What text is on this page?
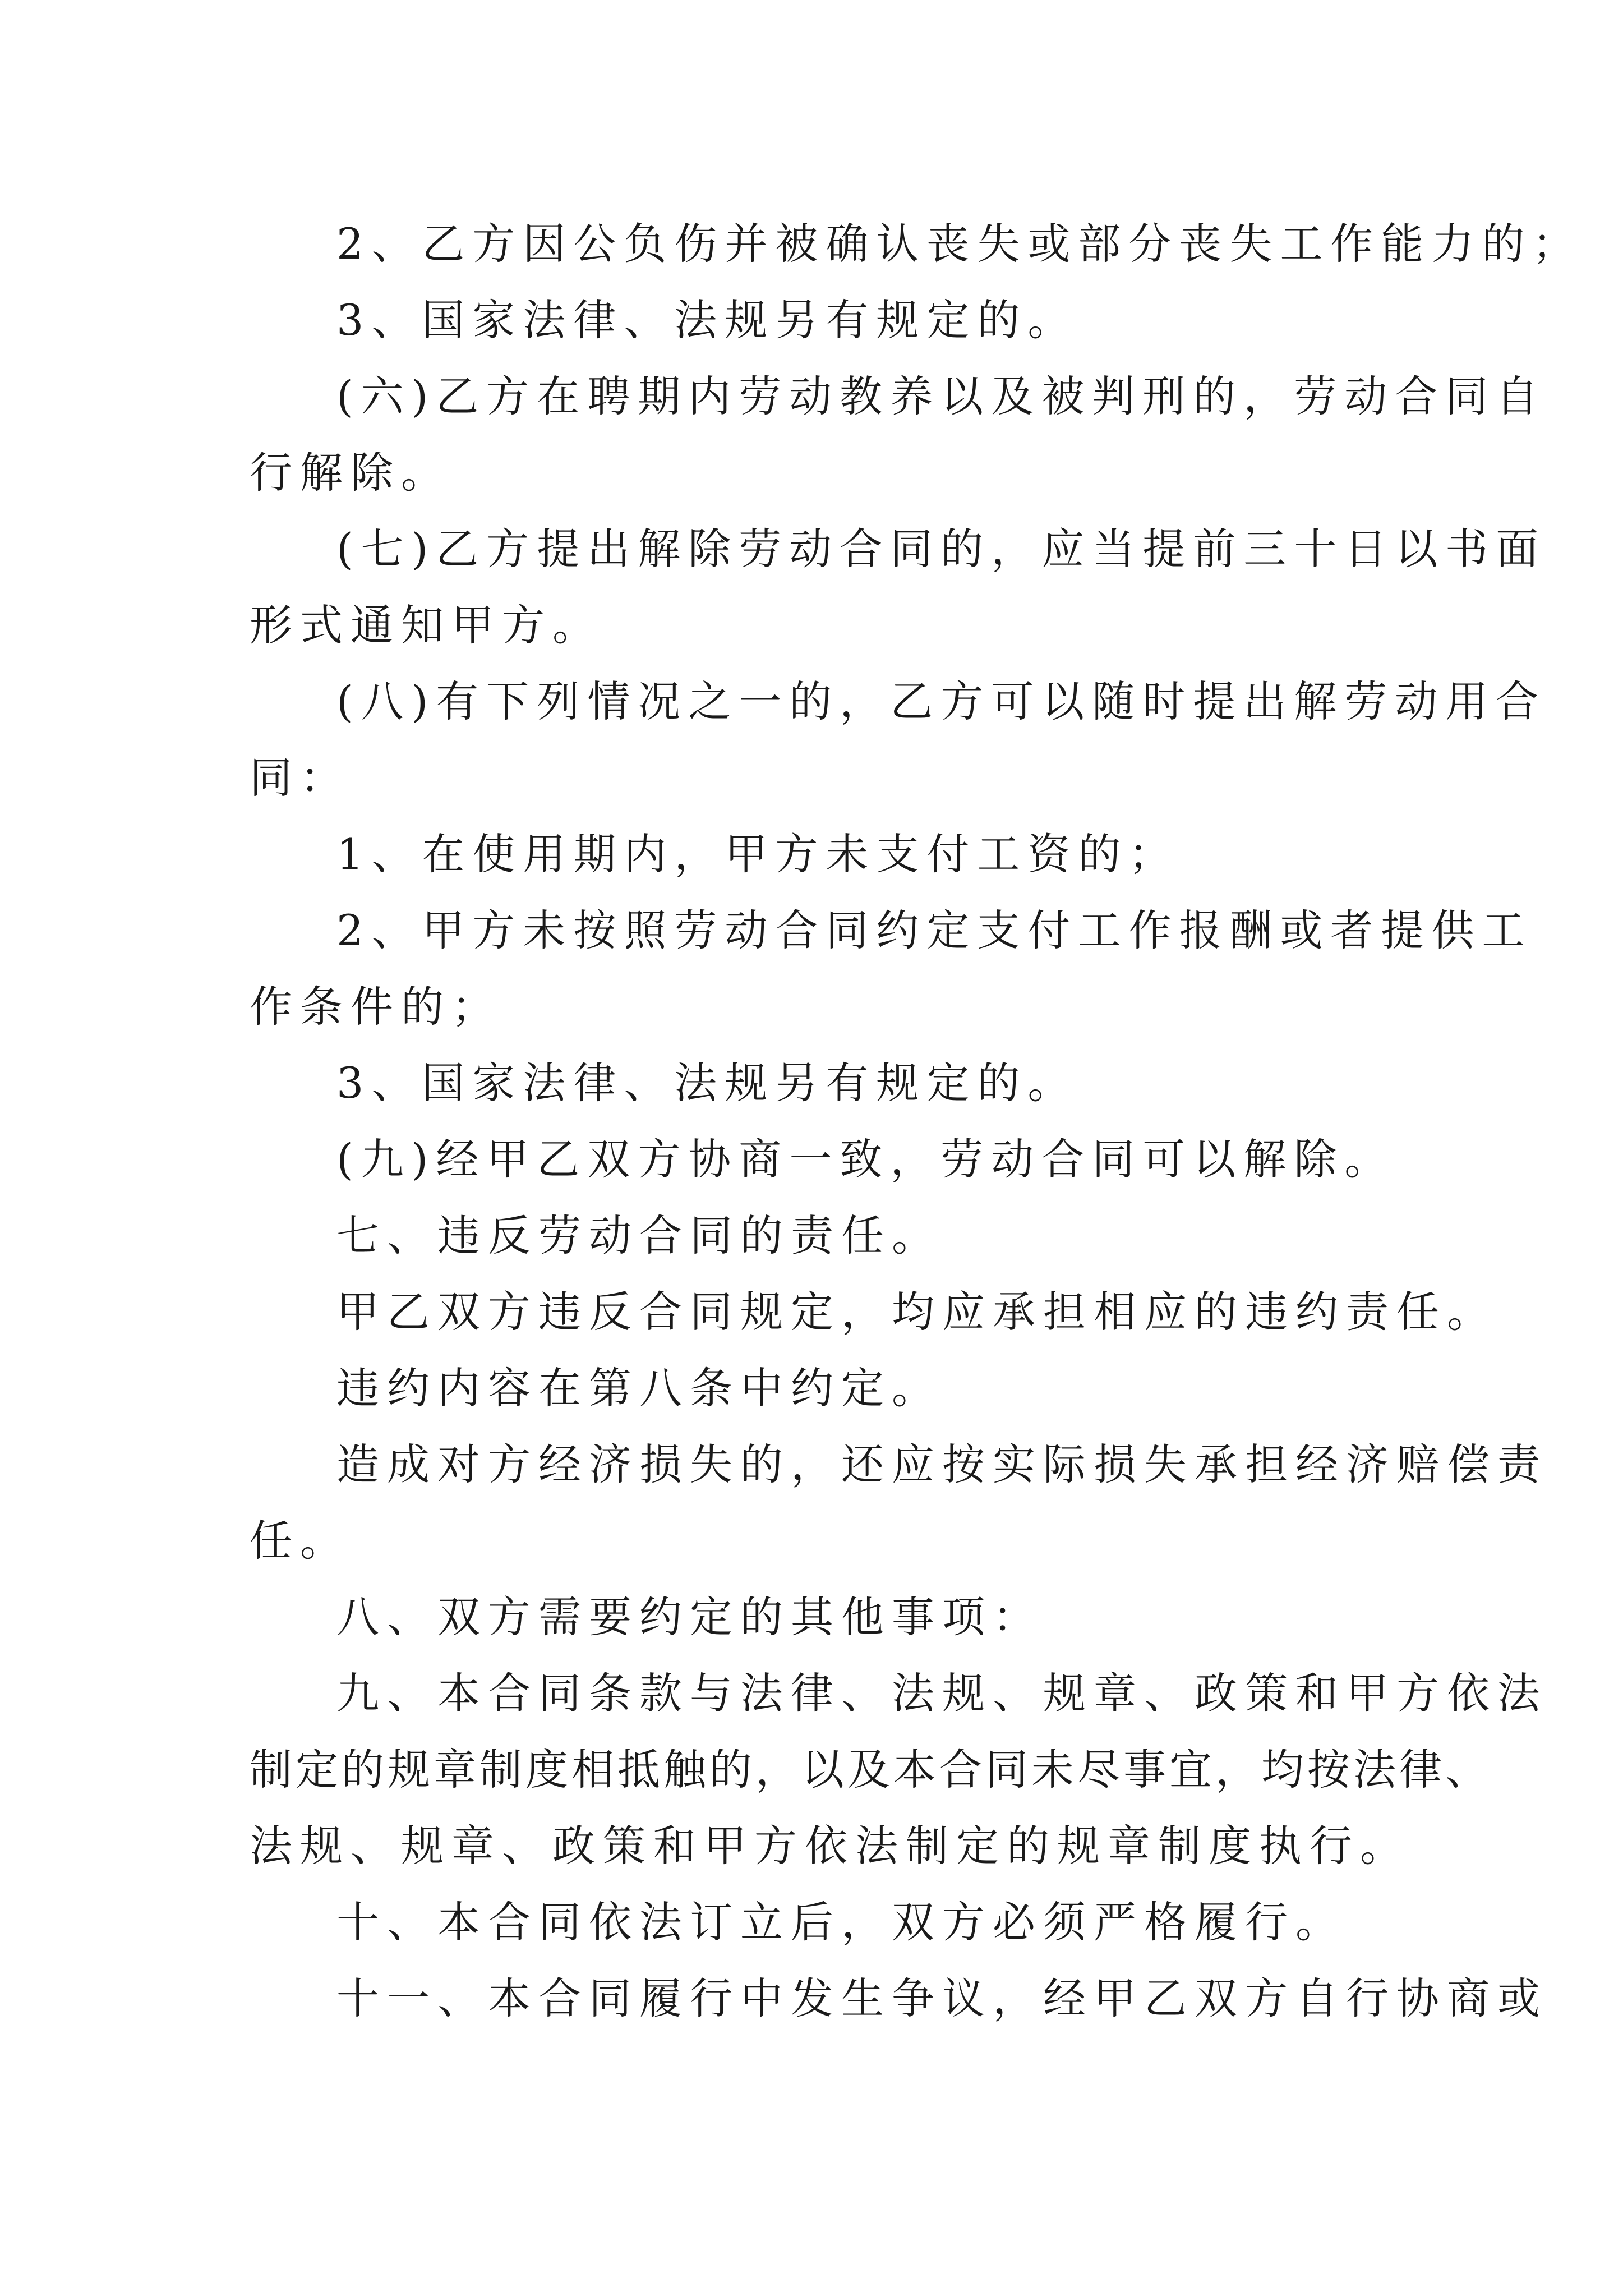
2、乙方因公负伤并被确认丧失或部分丧失工作能力的；
3、国家法律、法规另有规定的。
(六)乙方在聘期内劳动教养以及被判刑的，劳动合同自
行解除。
(七)乙方提出解除劳动合同的，应当提前三十日以书面
形式通知甲方。
(八)有下列情况之一的，乙方可以随时提出解劳动用合
同：
1、在使用期内，甲方未支付工资的；
2、甲方未按照劳动合同约定支付工作报酬或者提供工
作条件的；
3、国家法律、法规另有规定的。
(九)经甲乙双方协商一致，劳动合同可以解除。
七、违反劳动合同的责任。
甲乙双方违反合同规定，均应承担相应的违约责任。
违约内容在第八条中约定。
造成对方经济损失的，还应按实际损失承担经济赔偿责
任。
八、双方需要约定的其他事项：
九、本合同条款与法律、法规、规章、政策和甲方依法
制定的规章制度相抵触的，以及本合同未尽事宜，均按法律、
法规、规章、政策和甲方依法制定的规章制度执行。
十、本合同依法订立后，双方必须严格履行。
十一、本合同履行中发生争议，经甲乙双方自行协商或
